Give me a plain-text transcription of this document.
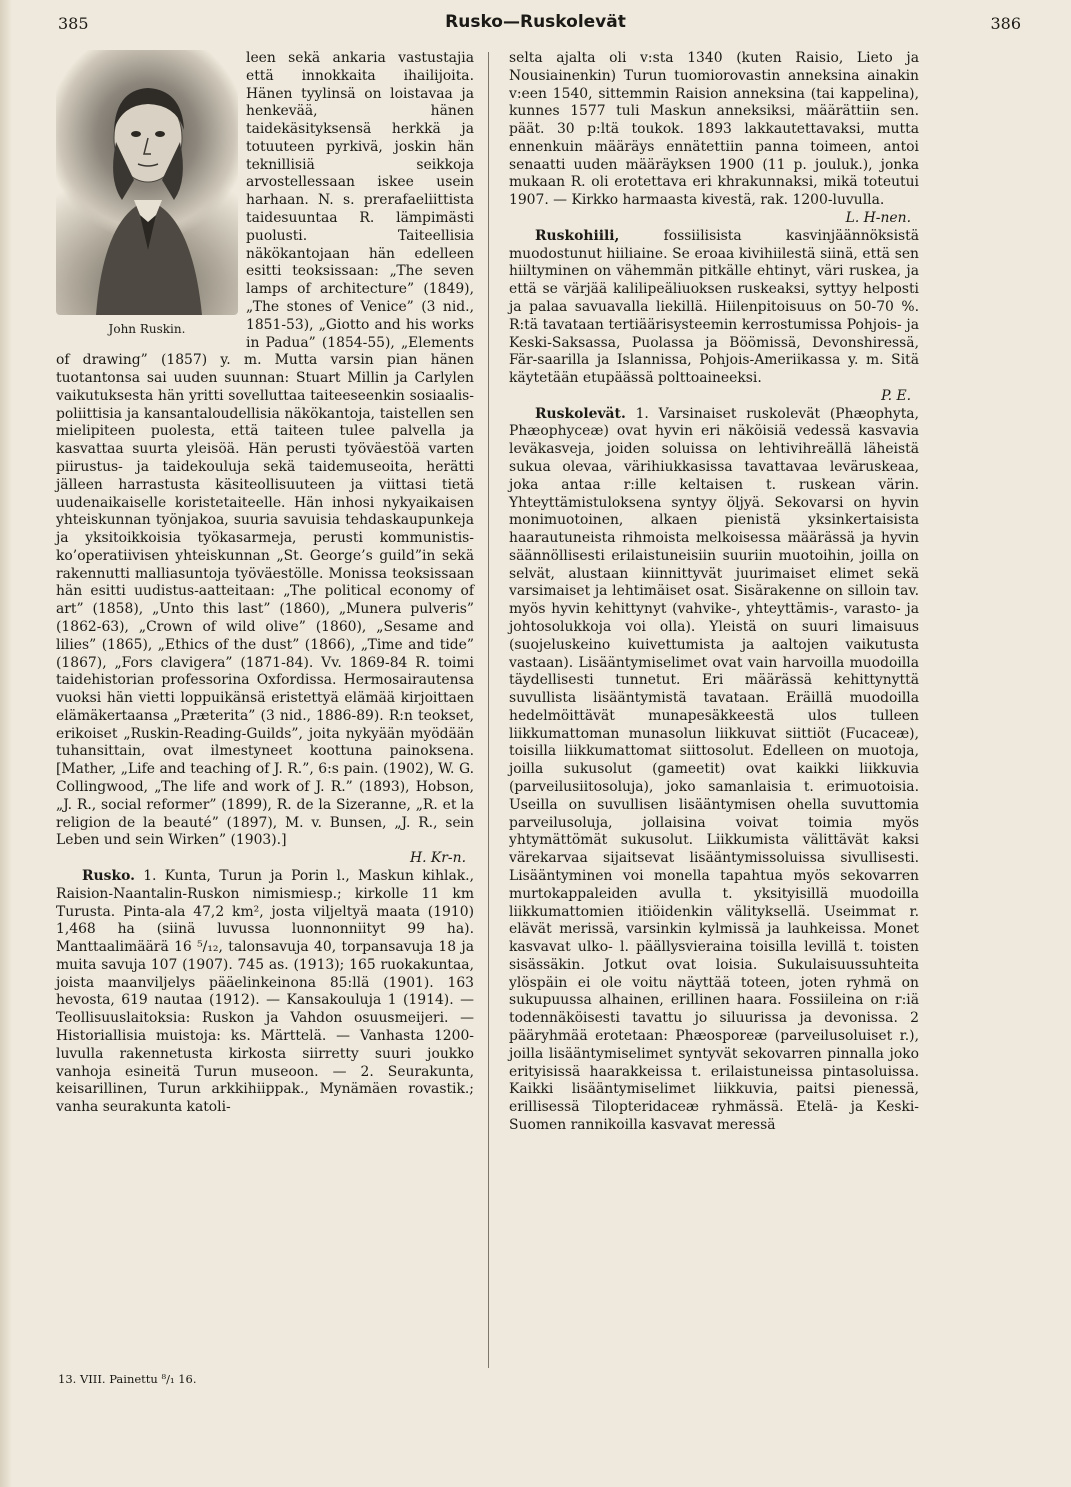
Rusko—Ruskolevät
385	386
John Ruskin.

leen sekä ankaria vastustajia että innokkaita ihailijoita. Hänen tyylinsä on loistavaa ja henkevää, hänen taidekäsityksensä herkkä ja totuuteen pyrkivä, joskin hän teknillisiä seikkoja arvostellessaan iskee usein harhaan. N. s. prerafaeliittista taidesuuntaa R. lämpimästi puolusti. Taiteellisia näkökantojaan hän edelleen esitti teoksissaan: „The seven lamps of architecture” (1849), „The stones of Venice” (3 nid., 1851-53), „Giotto and his works in Padua” (1854-55), „Elements of drawing” (1857) y. m. Mutta varsin pian hänen tuotantonsa sai uuden suunnan: Stuart Millin ja Carlylen vaikutuksesta hän yritti sovelluttaa taiteeseenkin sosiaalis-poliittisia ja kansantaloudellisia näkökantoja, taistellen sen mielipiteen puolesta, että taiteen tulee palvella ja kasvattaa suurta yleisöä. Hän perusti työväestöä varten piirustus- ja taidekouluja sekä taidemuseoita, herätti jälleen harrastusta käsiteollisuuteen ja viittasi tietä uudenaikaiselle koristetaiteelle. Hän inhosi nykyaikaisen yhteiskunnan työnjakoa, suuria savuisia tehdaskaupunkeja ja yksitoikkoisia työkasarmeja, perusti kommunistis-ko’operatiivisen yhteiskunnan „St. George’s guild”in sekä rakennutti malliasuntoja työväestölle. Monissa teoksissaan hän esitti uudistus-aatteitaan: „The political economy of art” (1858), „Unto this last” (1860), „Munera pulveris” (1862-63), „Crown of wild olive” (1860), „Sesame and lilies” (1865), „Ethics of the dust” (1866), „Time and tide” (1867), „Fors clavigera” (1871-84). Vv. 1869-84 R. toimi taidehistorian professorina Oxfordissa. Hermosairautensa vuoksi hän vietti loppuikänsä eristettyä elämää kirjoittaen elämäkertaansa „Præterita” (3 nid., 1886-89). R:n teokset, erikoiset „Ruskin-Reading-Guilds”, joita nykyään myödään tuhansittain, ovat ilmestyneet koottuna painoksena. [Mather, „Life and teaching of J. R.”, 6:s pain. (1902), W. G. Collingwood, „The life and work of J. R.” (1893), Hobson, „J. R., social reformer” (1899), R. de la Sizeranne, „R. et la religion de la beauté” (1897), M. v. Bunsen, „J. R., sein Leben und sein Wirken” (1903).]

H. Kr-n.

Rusko. 1. Kunta, Turun ja Porin l., Maskun kihlak., Raision-Naantalin-Ruskon nimismiesp.; kirkolle 11 km Turusta. Pinta-ala 47,2 km², josta viljeltyä maata (1910) 1,468 ha (siinä luvussa luonnonniityt 99 ha). Manttaalimäärä 16 ⁵/₁₂, talonsavuja 40, torpansavuja 18 ja muita savuja 107 (1907). 745 as. (1913); 165 ruokakuntaa, joista maanviljelys pääelinkeinona 85:llä (1901). 163 hevosta, 619 nautaa (1912). — Kansakouluja 1 (1914). — Teollisuuslaitoksia: Ruskon ja Vahdon osuusmeijeri. — Historiallisia muistoja: ks. Märttelä. — Vanhasta 1200-luvulla rakennetusta kirkosta siirretty suuri joukko vanhoja esineitä Turun museoon. — 2. Seurakunta, keisarillinen, Turun arkkihiippak., Mynämäen rovastik.; vanha seurakunta katoli-

selta ajalta oli v:sta 1340 (kuten Raisio, Lieto ja Nousiainenkin) Turun tuomiorovastin anneksina ainakin v:een 1540, sittemmin Raision anneksina (tai kappelina), kunnes 1577 tuli Maskun anneksiksi, määrättiin sen. päät. 30 p:ltä toukok. 1893 lakkautettavaksi, mutta ennenkuin määräys ennätettiin panna toimeen, antoi senaatti uuden määräyksen 1900 (11 p. jouluk.), jonka mukaan R. oli erotettava eri khrakunnaksi, mikä toteutui 1907. — Kirkko harmaasta kivestä, rak. 1200-luvulla.

L. H-nen.

Ruskohiili,	fossiilisista kasvinjäännöksistä muodostunut hiiliaine. Se eroaa kivihiilestä siinä, että sen hiiltyminen on vähemmän pitkälle ehtinyt, väri ruskea, ja että se värjää kalilipeäliuoksen ruskeaksi, syttyy helposti ja palaa savuavalla liekillä. Hiilenpitoisuus on 50-70 %. R:tä tavataan tertiäärisysteemin kerrostumissa Pohjois- ja Keski-Saksassa, Puolassa ja Böömissä, Devonshiressä, Fär-saarilla ja Islannissa, Pohjois-Ameriikassa y. m. Sitä käytetään etupäässä polttoaineeksi.

P. E.

Ruskolevät. 1. Varsinaiset ruskolevät (Phæophyta, Phæophyceæ) ovat hyvin eri näköisiä vedessä kasvavia leväkasveja, joiden soluissa on lehtivihreällä läheistä sukua olevaa, värihiukkasissa tavattavaa leväruskeaa, joka antaa r:ille keltaisen t. ruskean värin. Yhteyttämistuloksena syntyy öljyä. Sekovarsi on hyvin monimuotoinen, alkaen pienistä yksinkertaisista haarautuneista rihmoista melkoisessa määrässä ja hyvin säännöllisesti erilaistuneisiin suuriin muotoihin, joilla on selvät, alustaan kiinnittyvät juurimaiset elimet sekä varsimaiset ja lehtimäiset osat. Sisärakenne on silloin tav. myös hyvin kehittynyt (vahvike-, yhteyttämis-, varasto- ja johtosolukkoja voi olla). Yleistä on suuri limaisuus (suojeluskeino kuivettumista ja aaltojen vaikutusta vastaan). Lisääntymiselimet ovat vain harvoilla muodoilla täydellisesti tunnetut. Eri määrässä kehittynyttä suvullista lisääntymistä tavataan. Eräillä muodoilla hedelmöittävät munapesäkkeestä ulos tulleen liikkumattoman munasolun liikkuvat siittiöt (Fucaceæ), toisilla liikkumattomat siittosolut. Edelleen on muotoja, joilla sukusolut (gameetit) ovat kaikki liikkuvia (parveilusiitosoluja), joko samanlaisia t. erimuotoisia. Useilla on suvullisen lisääntymisen ohella suvuttomia parveilusoluja, jollaisina voivat toimia myös yhtymättömät sukusolut. Liikkumista välittävät kaksi värekarvaa sijaitsevat lisääntymissoluissa sivullisesti. Lisääntyminen voi monella tapahtua myös sekovarren murtokappaleiden avulla t. yksityisillä muodoilla liikkumattomien itiöidenkin välityksellä. Useimmat r. elävät merissä, varsinkin kylmissä ja lauhkeissa. Monet kasvavat ulko- l. päällysvieraina toisilla levillä t. toisten sisässäkin. Jotkut ovat loisia. Sukulaisuussuhteita ylöspäin ei ole voitu näyttää toteen, joten ryhmä on sukupuussa alhainen, erillinen haara. Fossiileina on r:iä todennäköisesti tavattu jo siluurissa ja devonissa. 2 pääryhmää erotetaan: Phæosporeæ (parveilusoluiset r.), joilla lisääntymiselimet syntyvät sekovarren pinnalla joko erityisissä haarakkeissa t. erilaistuneissa pintasoluissa. Kaikki lisääntymiselimet liikkuvia, paitsi pienessä, erillisessä Tilopteridaceæ ryhmässä. Etelä- ja Keski-Suomen rannikoilla kasvavat meressä

13. VIII. Painettu ⁸/₁ 16.
